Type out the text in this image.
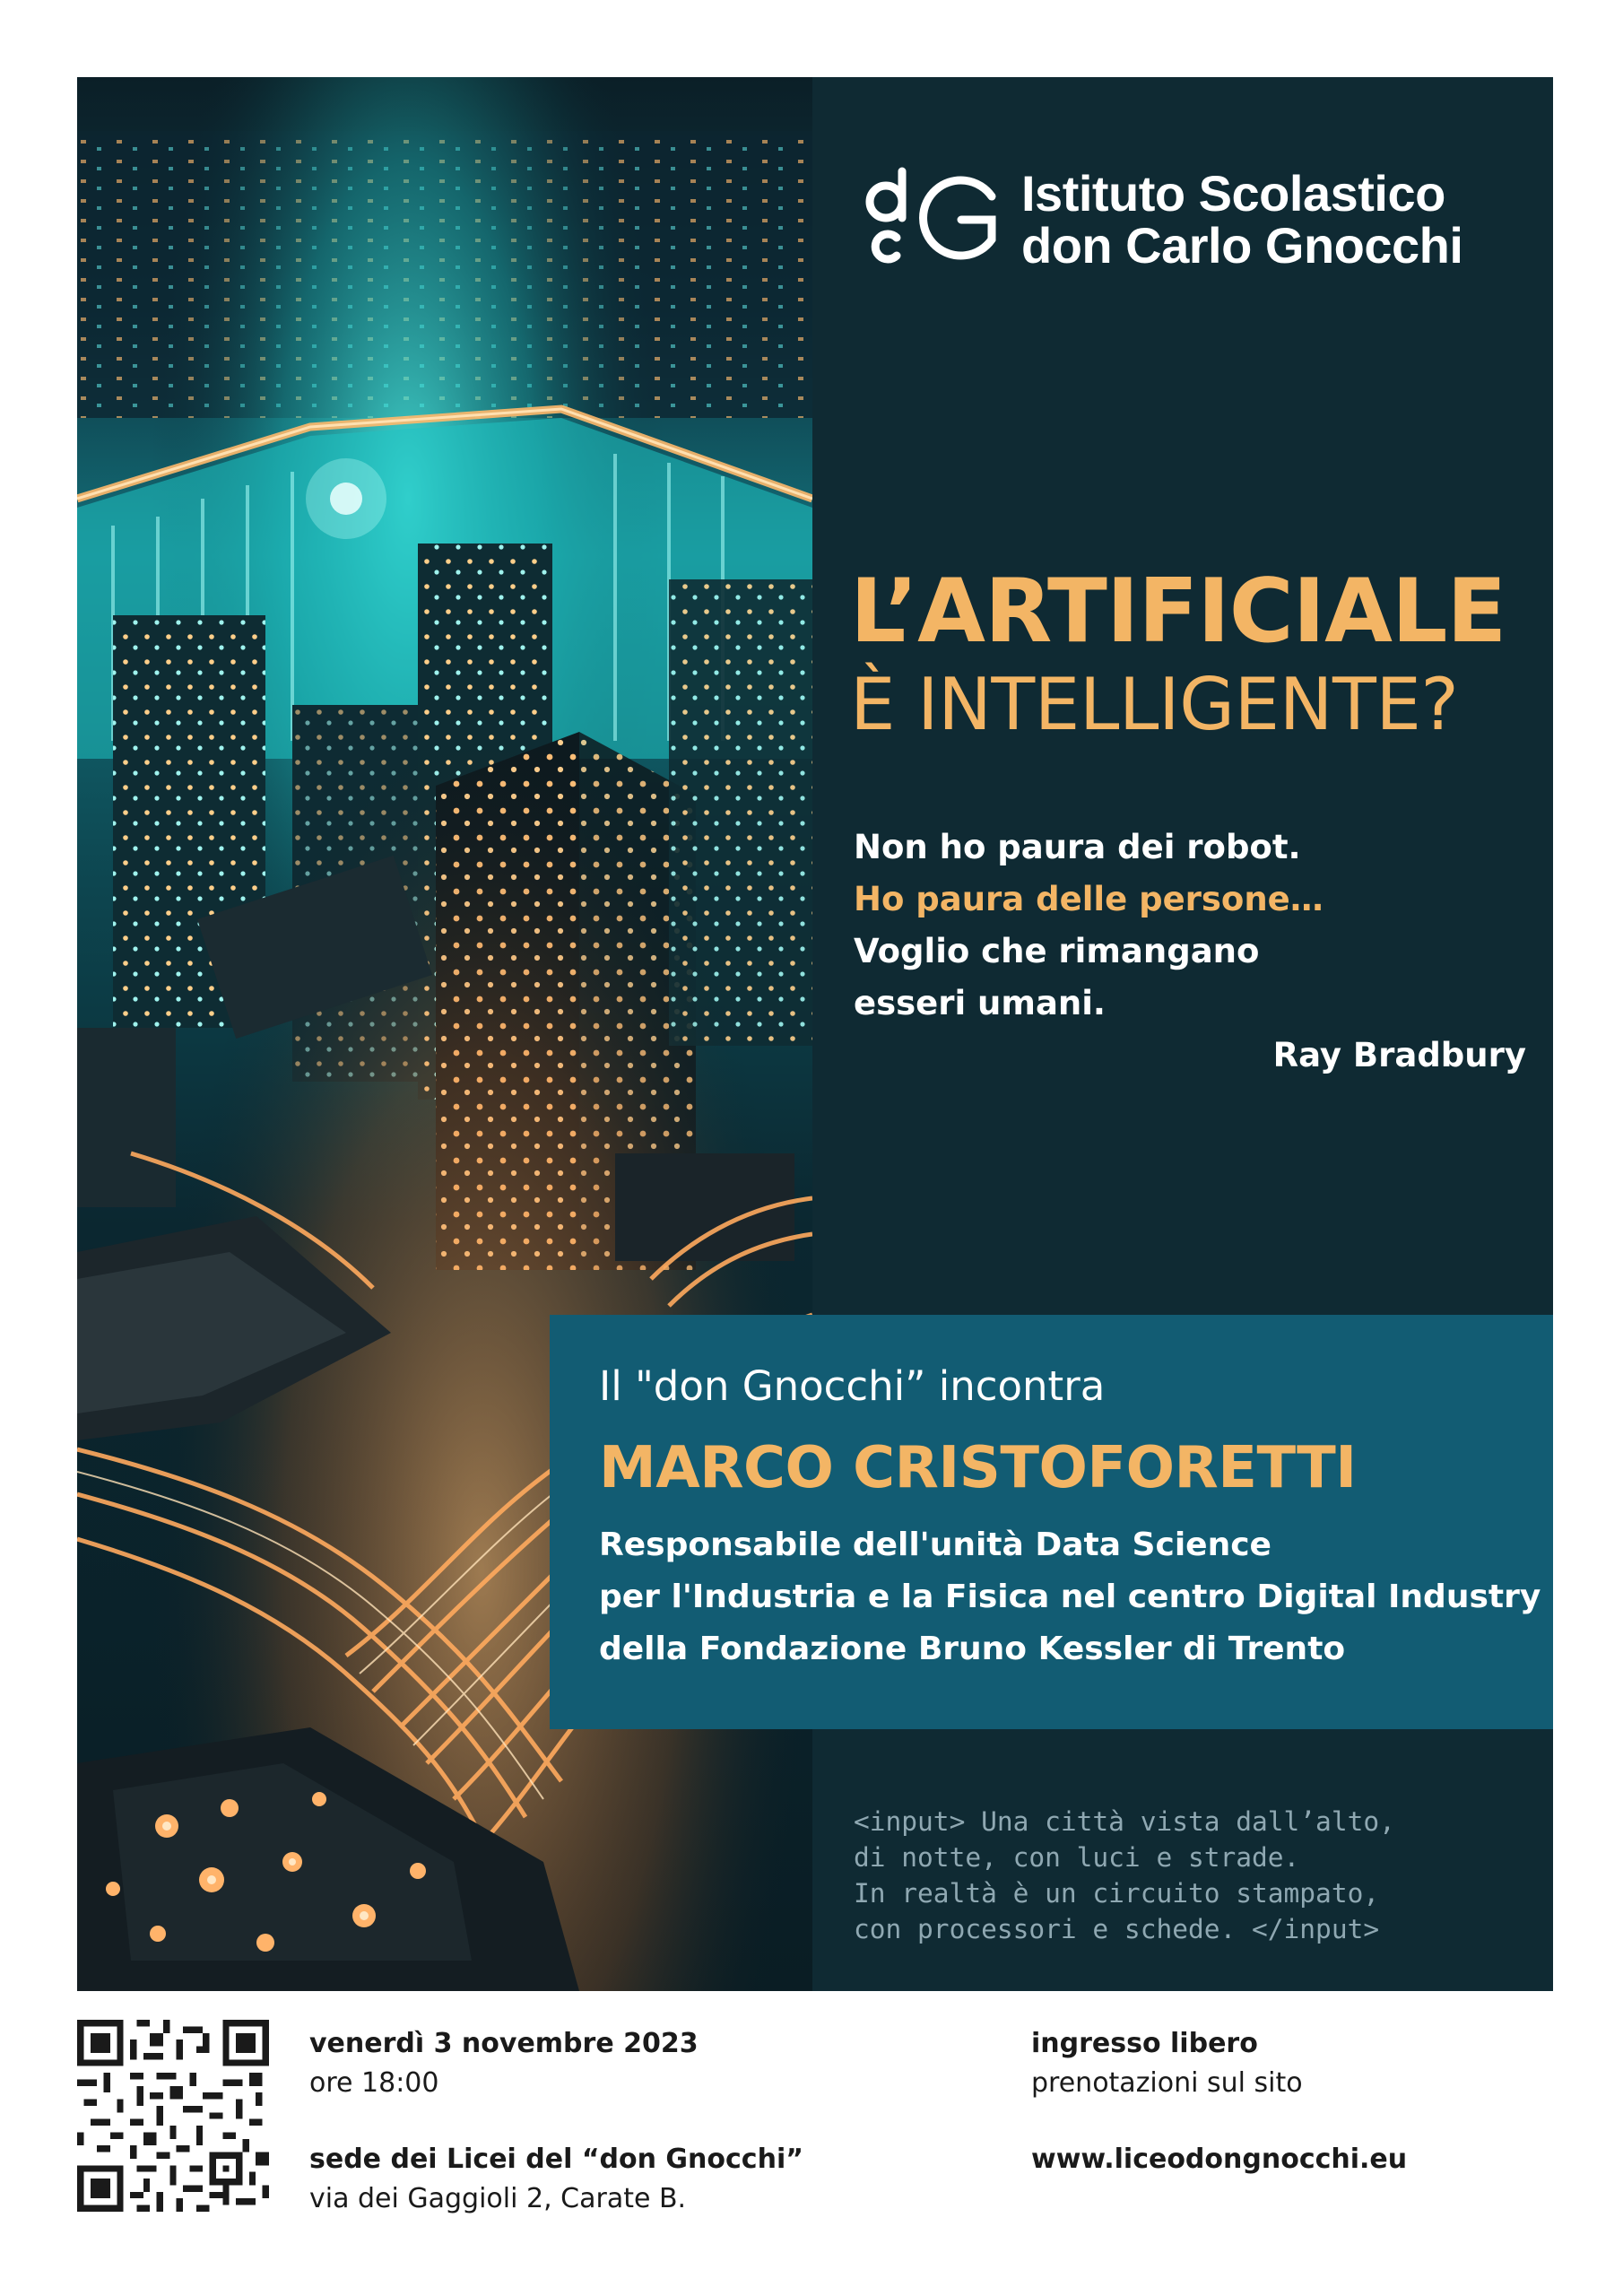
Istituto Scolastico
don Carlo Gnocchi
L’ARTIFICIALE
È INTELLIGENTE?
Non ho paura dei robot.
Ho paura delle persone…
Voglio che rimangano
esseri umani.
Ray Bradbury
Il "don Gnocchi” incontra
MARCO CRISTOFORETTI
Responsabile dell'unità Data Science
per l'Industria e la Fisica nel centro Digital Industry
della Fondazione Bruno Kessler di Trento
<input> Una città vista dall’alto,
di notte, con luci e strade.
In realtà è un circuito stampato,
con processori e schede. </input>
venerdì 3 novembre 2023
ore 18:00
sede dei Licei del “don Gnocchi”
via dei Gaggioli 2, Carate B.
ingresso libero
prenotazioni sul sito
www.liceodongnocchi.eu
